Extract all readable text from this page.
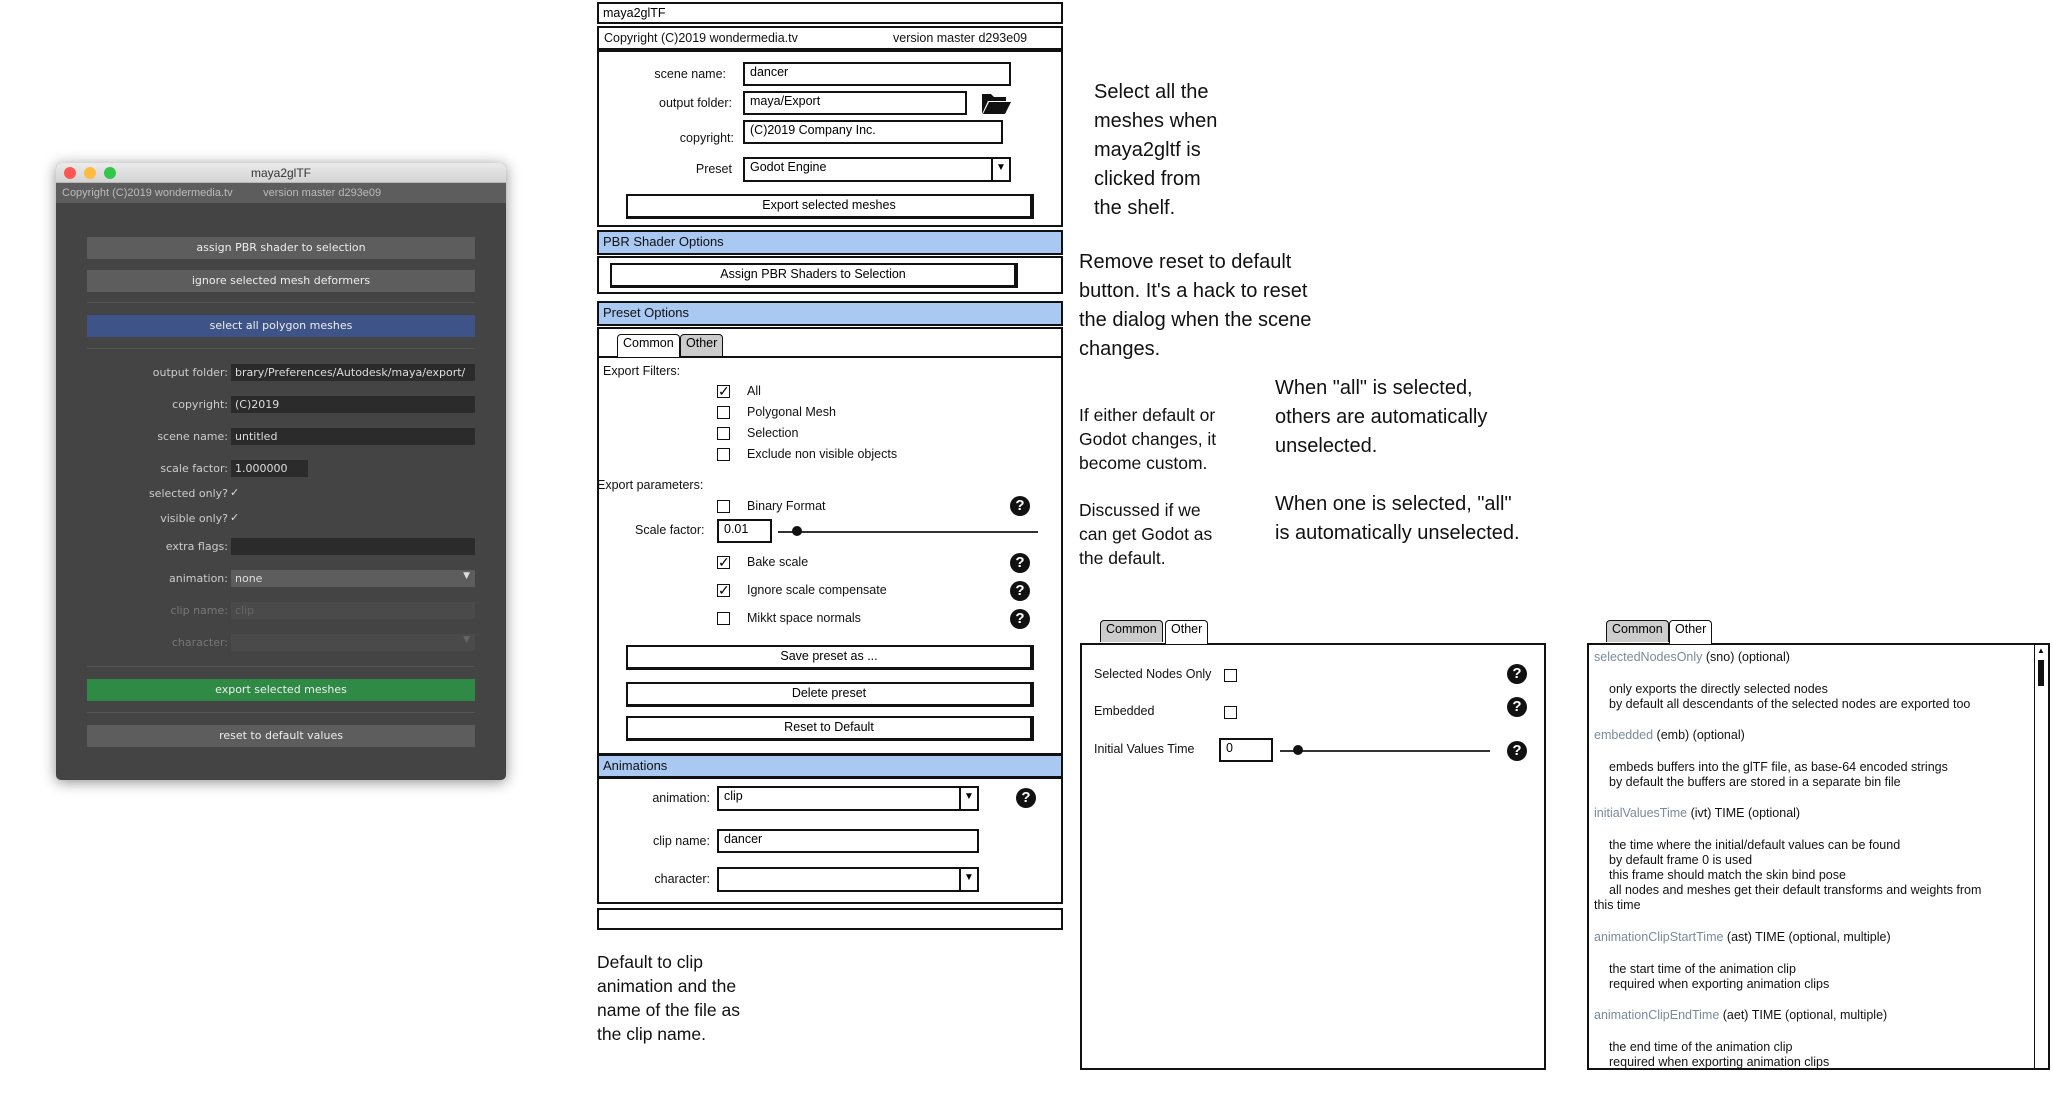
maya2glTF
Copyright (C)2019 wondermedia.tv          version master d293e09
assign PBR shader to selection
ignore selected mesh deformers
select all polygon meshes
output folder: brary/Preferences/Autodesk/maya/export/
copyright: (C)2019
scene name: untitled
scale factor: 1.000000
selected only? ✓
visible only? ✓
extra flags:
animation: none	▼
clip name: clip
character:	▼
export selected meshes
reset to default values
maya2glTF
Copyright (C)2019 wondermedia.tv	version master d293e09
scene name:	dancer
output folder:	maya/Export
copyright:
(C)2019 Company Inc.
Preset	Godot Engine	▼
Export selected meshes
PBR Shader Options
Assign PBR Shaders to Selection
Preset Options
Common Other
Export Filters:
✓ All
Polygonal Mesh
Selection
Exclude non visible objects
Export parameters:
Binary Format	?
Scale factor:	0.01
✓ Bake scale	?
✓ Ignore scale compensate	?
Mikkt space normals	?
Save preset as ...
Delete preset
Reset to Default
Animations
animation:	clip	▼	?
clip name:	dancer
character:	▼
Common	Other
Selected Nodes Only	?
Embedded	?
Initial Values Time	0	?
Common Other
▲
selectedNodesOnly (sno) (optional)
only exports the directly selected nodes
by default all descendants of the selected nodes are exported too
embedded (emb) (optional)
embeds buffers into the glTF file, as base-64 encoded strings
by default the buffers are stored in a separate bin file
initialValuesTime (ivt) TIME (optional)
the time where the initial/default values can be found
by default frame 0 is used
this frame should match the skin bind pose
all nodes and meshes get their default transforms and weights from
this time
animationClipStartTime (ast) TIME (optional, multiple)
the start time of the animation clip
required when exporting animation clips
animationClipEndTime (aet) TIME (optional, multiple)
the end time of the animation clip
required when exporting animation clips
Select all the
meshes when
maya2gltf is
clicked from
the shelf.
Remove reset to default
button. It's a hack to reset
the dialog when the scene
changes.
If either default or
Godot changes, it
become custom.
Discussed if we
can get Godot as
the default.
When "all" is selected,
others are automatically
unselected.
When one is selected, "all"
is automatically unselected.
Default to clip
animation and the
name of the file as
the clip name.
